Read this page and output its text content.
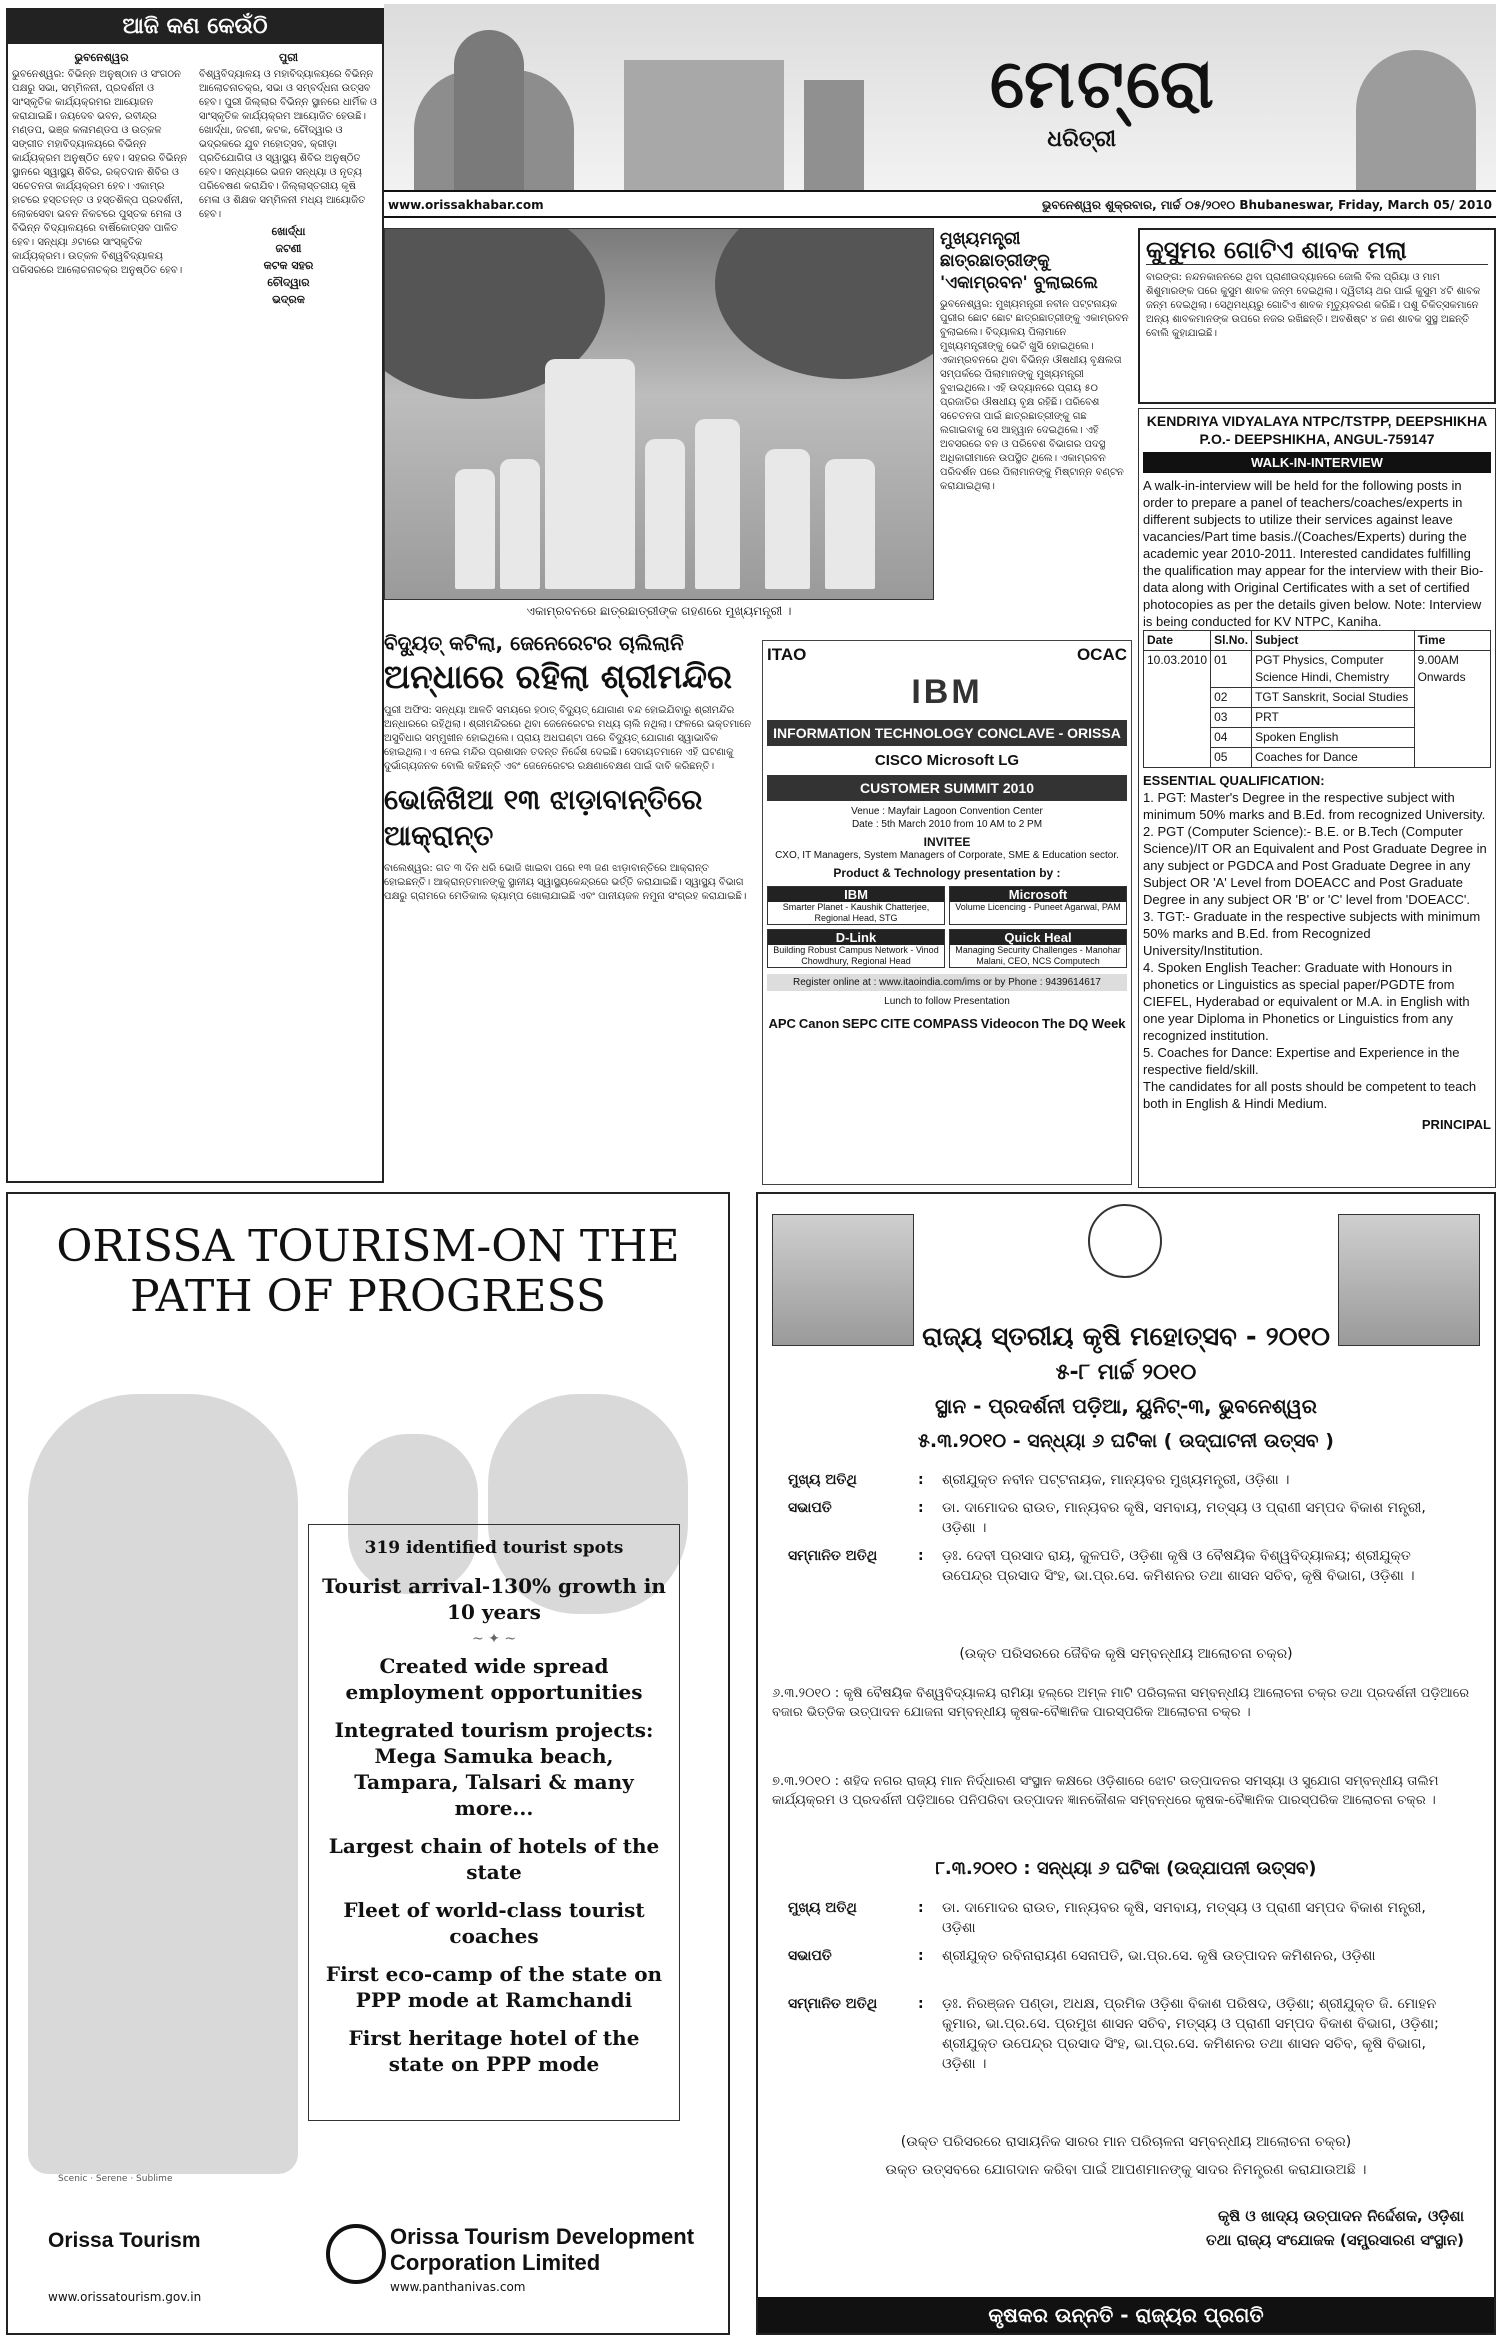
ଆଜି କଣ କେଉଁଠି
ଭୁବନେଶ୍ୱର
ଭୁବନେଶ୍ୱର: ବିଭିନ୍ନ ଅନୁଷ୍ଠାନ ଓ ସଂଗଠନ ପକ୍ଷରୁ ସଭା, ସମ୍ମିଳନୀ, ପ୍ରଦର୍ଶନୀ ଓ ସାଂସ୍କୃତିକ କାର୍ଯ୍ୟକ୍ରମର ଆୟୋଜନ କରାଯାଇଛି। ଜୟଦେବ ଭବନ, ରବୀନ୍ଦ୍ର ମଣ୍ଡପ, ଭଞ୍ଜ କଳାମଣ୍ଡପ ଓ ଉତ୍କଳ ସଙ୍ଗୀତ ମହାବିଦ୍ୟାଳୟରେ ବିଭିନ୍ନ କାର୍ଯ୍ୟକ୍ରମ ଅନୁଷ୍ଠିତ ହେବ। ସହରର ବିଭିନ୍ନ ସ୍ଥାନରେ ସ୍ୱାସ୍ଥ୍ୟ ଶିବିର, ରକ୍ତଦାନ ଶିବିର ଓ ସଚେତନତା କାର୍ଯ୍ୟକ୍ରମ ହେବ। ଏକାମ୍ର ହାଟରେ ହସ୍ତତନ୍ତ ଓ ହସ୍ତଶିଳ୍ପ ପ୍ରଦର୍ଶନୀ, ଲୋକସେବା ଭବନ ନିକଟରେ ପୁସ୍ତକ ମେଳା ଓ ବିଭିନ୍ନ ବିଦ୍ୟାଳୟରେ ବାର୍ଷିକୋତ୍ସବ ପାଳିତ ହେବ। ସନ୍ଧ୍ୟା ୬ଟାରେ ସାଂସ୍କୃତିକ କାର୍ଯ୍ୟକ୍ରମ। ଉତ୍କଳ ବିଶ୍ୱବିଦ୍ୟାଳୟ ପରିସରରେ ଆଲୋଚନାଚକ୍ର ଅନୁଷ୍ଠିତ ହେବ।
ପୁରୀ
ବିଶ୍ୱବିଦ୍ୟାଳୟ ଓ ମହାବିଦ୍ୟାଳୟରେ ବିଭିନ୍ନ ଆଲୋଚନାଚକ୍ର, ସଭା ଓ ସମ୍ବର୍ଦ୍ଧନା ଉତ୍ସବ ହେବ। ପୁରୀ ଜିଲ୍ଲାର ବିଭିନ୍ନ ସ୍ଥାନରେ ଧାର୍ମିକ ଓ ସାଂସ୍କୃତିକ କାର୍ଯ୍ୟକ୍ରମ ଆୟୋଜିତ ହେଉଛି। ଖୋର୍ଦ୍ଧା, ଜଟଣୀ, କଟକ, ଚୌଦ୍ୱାର ଓ ଭଦ୍ରକରେ ଯୁବ ମହୋତ୍ସବ, କ୍ରୀଡ଼ା ପ୍ରତିଯୋଗିତା ଓ ସ୍ୱାସ୍ଥ୍ୟ ଶିବିର ଅନୁଷ୍ଠିତ ହେବ। ସନ୍ଧ୍ୟାରେ ଭଜନ ସନ୍ଧ୍ୟା ଓ ନୃତ୍ୟ ପରିବେଷଣ କରାଯିବ। ଜିଲ୍ଲାସ୍ତରୀୟ କୃଷି ମେଳା ଓ ଶିକ୍ଷକ ସମ୍ମିଳନୀ ମଧ୍ୟ ଆୟୋଜିତ ହେବ।
ଖୋର୍ଦ୍ଧା
ଜଟଣୀ
କଟକ ସହର
ଚୌଦ୍ୱାର
ଭଦ୍ରକ
ମେଟ୍ରୋ
ଧରିତ୍ରୀ
www.orissakhabar.com	ଭୁବନେଶ୍ୱର ଶୁକ୍ରବାର, ମାର୍ଚ୍ଚ ୦୫/୨୦୧୦ Bhubaneswar, Friday, March 05/ 2010
ଏକାମ୍ରବନରେ ଛାତ୍ରଛାତ୍ରୀଙ୍କ ଗହଣରେ ମୁଖ୍ୟମନ୍ତ୍ରୀ ।
ମୁଖ୍ୟମନ୍ତ୍ରୀ ଛାତ୍ରଛାତ୍ରୀଙ୍କୁ 'ଏକାମ୍ରବନ' ବୁଲାଇଲେ
ଭୁବନେଶ୍ୱର: ମୁଖ୍ୟମନ୍ତ୍ରୀ ନବୀନ ପଟ୍ଟନାୟକ ପୁରୀର ଛୋଟ ଛୋଟ ଛାତ୍ରଛାତ୍ରୀଙ୍କୁ ଏକାମ୍ରବନ ବୁଲାଇଲେ। ବିଦ୍ୟାଳୟ ପିଲାମାନେ ମୁଖ୍ୟମନ୍ତ୍ରୀଙ୍କୁ ଭେଟି ଖୁସି ହୋଇଥିଲେ। ଏକାମ୍ରବନରେ ଥିବା ବିଭିନ୍ନ ଔଷଧୀୟ ବୃକ୍ଷଲତା ସମ୍ପର୍କରେ ପିଲାମାନଙ୍କୁ ମୁଖ୍ୟମନ୍ତ୍ରୀ ବୁଝାଇଥିଲେ। ଏହି ଉଦ୍ୟାନରେ ପ୍ରାୟ ୫୦ ପ୍ରଜାତିର ଔଷଧୀୟ ବୃକ୍ଷ ରହିଛି। ପରିବେଶ ସଚେତନତା ପାଇଁ ଛାତ୍ରଛାତ୍ରୀଙ୍କୁ ଗଛ ଲଗାଇବାକୁ ସେ ଆହ୍ୱାନ ଦେଇଥିଲେ। ଏହି ଅବସରରେ ବନ ଓ ପରିବେଶ ବିଭାଗର ପଦସ୍ଥ ଅଧିକାରୀମାନେ ଉପସ୍ଥିତ ଥିଲେ। ଏକାମ୍ରବନ ପରିଦର୍ଶନ ପରେ ପିଲାମାନଙ୍କୁ ମିଷ୍ଟାନ୍ନ ବଣ୍ଟନ କରାଯାଇଥିଲା।
କୁସୁମର ଗୋଟିଏ ଶାବକ ମଲା
ବାରଙ୍ଗ: ନନ୍ଦନକାନନରେ ଥିବା ପ୍ରାଣୀଉଦ୍ୟାନରେ ଜୋଲି ବିଲ ପ୍ରିୟା ଓ ମାମ ଶିଶୁମାରଙ୍କ ପରେ କୁସୁମ ଶାବକ ଜନ୍ମ ଦେଇଥିଲା। ଦ୍ୱିତୀୟ ଥର ପାଇଁ କୁସୁମ ୪ଟି ଶାବକ ଜନ୍ମ ଦେଇଥିଲା। ସେଥିମଧ୍ୟରୁ ଗୋଟିଏ ଶାବକ ମୃତ୍ୟୁବରଣ କରିଛି। ପଶୁ ଚିକିତ୍ସକମାନେ ଅନ୍ୟ ଶାବକମାନଙ୍କ ଉପରେ ନଜର ରଖିଛନ୍ତି। ଅବଶିଷ୍ଟ ୪ ଜଣ ଶାବକ ସୁସ୍ଥ ଅଛନ୍ତି ବୋଲି କୁହାଯାଇଛି।
KENDRIYA VIDYALAYA NTPC/TSTPP, DEEPSHIKHA
P.O.- DEEPSHIKHA, ANGUL-759147
WALK-IN-INTERVIEW
A walk-in-interview will be held for the following posts in order to prepare a panel of teachers/coaches/experts in different subjects to utilize their services against leave vacancies/Part time basis./(Coaches/Experts) during the academic year 2010-2011. Interested candidates fulfilling the qualification may appear for the interview with their Bio-data along with Original Certificates with a set of certified photocopies as per the details given below. Note: Interview is being conducted for KV NTPC, Kaniha.
Date	Sl.No.	Subject	Time
10.03.2010	01	PGT Physics, Computer Science Hindi, Chemistry	9.00AM Onwards
	02	TGT Sanskrit, Social Studies	
	03	PRT	
	04	Spoken English	
	05	Coaches for Dance	
ESSENTIAL QUALIFICATION:
1. PGT: Master's Degree in the respective subject with minimum 50% marks and B.Ed. from recognized University.
2. PGT (Computer Science):- B.E. or B.Tech (Computer Science)/IT OR an Equivalent and Post Graduate Degree in any subject or PGDCA and Post Graduate Degree in any Subject OR 'A' Level from DOEACC and Post Graduate Degree in any subject OR 'B' or 'C' level from 'DOEACC'.
3. TGT:- Graduate in the respective subjects with minimum 50% marks and B.Ed. from Recognized University/Institution.
4. Spoken English Teacher: Graduate with Honours in phonetics or Linguistics as special paper/PGDTE from CIEFEL, Hyderabad or equivalent or M.A. in English with one year Diploma in Phonetics or Linguistics from any recognized institution.
5. Coaches for Dance: Expertise and Experience in the respective field/skill.
The candidates for all posts should be competent to teach both in English & Hindi Medium.
PRINCIPAL
ବିଦ୍ୟୁତ୍ କଟିଲା, ଜେନେରେଟର ଚାଲିଲାନି
ଅନ୍ଧାରେ ରହିଲା ଶ୍ରୀମନ୍ଦିର
ପୁରୀ ଅଫିସ: ସନ୍ଧ୍ୟା ଆଳତି ସମୟରେ ହଠାତ୍ ବିଦ୍ୟୁତ୍ ଯୋଗାଣ ବନ୍ଦ ହୋଇଯିବାରୁ ଶ୍ରୀମନ୍ଦିର ଅନ୍ଧାରରେ ରହିଥିଲା। ଶ୍ରୀମନ୍ଦିରରେ ଥିବା ଜେନେରେଟର ମଧ୍ୟ ଚାଲି ନଥିଲା। ଫଳରେ ଭକ୍ତମାନେ ଅସୁବିଧାର ସମ୍ମୁଖୀନ ହୋଇଥିଲେ। ପ୍ରାୟ ଅଧଘଣ୍ଟା ପରେ ବିଦ୍ୟୁତ୍ ଯୋଗାଣ ସ୍ୱାଭାବିକ ହୋଇଥିଲା। ଏ ନେଇ ମନ୍ଦିର ପ୍ରଶାସନ ତଦନ୍ତ ନିର୍ଦ୍ଦେଶ ଦେଇଛି। ସେବାୟତମାନେ ଏହି ଘଟଣାକୁ ଦୁର୍ଭାଗ୍ୟଜନକ ବୋଲି କହିଛନ୍ତି ଏବଂ ଜେନେରେଟର ରକ୍ଷଣାବେକ୍ଷଣ ପାଇଁ ଦାବି କରିଛନ୍ତି।
ଭୋଜିଖିଆ ୧୩ ଝାଡ଼ାବାନ୍ତିରେ ଆକ୍ରାନ୍ତ
ବାଲେଶ୍ୱର: ଗତ ୩ ଦିନ ଧରି ଭୋଜି ଖାଇବା ପରେ ୧୩ ଜଣ ଝାଡ଼ାବାନ୍ତିରେ ଆକ୍ରାନ୍ତ ହୋଇଛନ୍ତି। ଆକ୍ରାନ୍ତମାନଙ୍କୁ ସ୍ଥାନୀୟ ସ୍ୱାସ୍ଥ୍ୟକେନ୍ଦ୍ରରେ ଭର୍ତ୍ତି କରାଯାଇଛି। ସ୍ୱାସ୍ଥ୍ୟ ବିଭାଗ ପକ୍ଷରୁ ଗ୍ରାମରେ ମେଡିକାଲ କ୍ୟାମ୍ପ ଖୋଲାଯାଇଛି ଏବଂ ପାନୀୟଜଳ ନମୁନା ସଂଗ୍ରହ କରାଯାଇଛି।
ITAO	OCAC
IBM
INFORMATION TECHNOLOGY CONCLAVE - ORISSA
CISCO Microsoft LG
CUSTOMER SUMMIT 2010
Venue : Mayfair Lagoon Convention Center
Date : 5th March 2010 from 10 AM to 2 PM
INVITEE
CXO, IT Managers, System Managers of Corporate, SME & Education sector.
Product & Technology presentation by :
IBM
Smarter Planet - Kaushik Chatterjee, Regional Head, STG
Microsoft
Volume Licencing - Puneet Agarwal, PAM
D-Link
Building Robust Campus Network - Vinod Chowdhury, Regional Head
Quick Heal
Managing Security Challenges - Manohar Malani, CEO, NCS Computech
Register online at : www.itaoindia.com/ims or by Phone : 9439614617
Lunch to follow Presentation
APC Canon SEPC CITE COMPASS Videocon The DQ Week
ORISSA TOURISM-ON THE
PATH OF PROGRESS
319 identified tourist spots
Tourist arrival-130% growth in 10 years
~ ✦ ~
Created wide spread employment opportunities
Integrated tourism projects: Mega Samuka beach, Tampara, Talsari & many more...
Largest chain of hotels of the state
Fleet of world-class tourist coaches
First eco-camp of the state on PPP mode at Ramchandi
First heritage hotel of the state on PPP mode
Scenic · Serene · Sublime
Orissa Tourism
www.orissatourism.gov.in
Orissa Tourism Development Corporation Limited
www.panthanivas.com
ରାଜ୍ୟ ସ୍ତରୀୟ କୃଷି ମହୋତ୍ସବ - ୨୦୧୦
୫-୮ ମାର୍ଚ୍ଚ ୨୦୧୦
ସ୍ଥାନ - ପ୍ରଦର୍ଶନୀ ପଡ଼ିଆ, ୟୁନିଟ୍-୩, ଭୁବନେଶ୍ୱର
୫.୩.୨୦୧୦ - ସନ୍ଧ୍ୟା ୬ ଘଟିକା ( ଉଦ୍‌ଘାଟନୀ ଉତ୍ସବ )
ମୁଖ୍ୟ ଅତିଥି	:	ଶ୍ରୀଯୁକ୍ତ ନବୀନ ପଟ୍ଟନାୟକ, ମାନ୍ୟବର ମୁଖ୍ୟମନ୍ତ୍ରୀ, ଓଡ଼ିଶା ।
ସଭାପତି	:	ଡା. ଦାମୋଦର ରାଉତ, ମାନ୍ୟବର କୃଷି, ସମବାୟ, ମତ୍ସ୍ୟ ଓ ପ୍ରାଣୀ ସମ୍ପଦ ବିକାଶ ମନ୍ତ୍ରୀ, ଓଡ଼ିଶା ।
ସମ୍ମାନିତ ଅତିଥି	:	ଡ଼ଃ. ଦେବୀ ପ୍ରସାଦ ରାୟ, କୁଳପତି, ଓଡ଼ିଶା କୃଷି ଓ ବୈଷୟିକ ବିଶ୍ୱବିଦ୍ୟାଳୟ; ଶ୍ରୀଯୁକ୍ତ ଉପେନ୍ଦ୍ର ପ୍ରସାଦ ସିଂହ, ଭା.ପ୍ର.ସେ. କମିଶନର ତଥା ଶାସନ ସଚିବ, କୃଷି ବିଭାଗ, ଓଡ଼ିଶା ।
(ଉକ୍ତ ପରିସରରେ ଜୈବିକ କୃଷି ସମ୍ବନ୍ଧୀୟ ଆଲୋଚନା ଚକ୍ର)
୬.୩.୨୦୧୦ : କୃଷି ବୈଷୟିକ ବିଶ୍ୱବିଦ୍ୟାଳୟ ରାମିୟା ହଲ୍‌ରେ ଅମ୍ଳ ମାଟି ପରିଚାଳନା ସମ୍ବନ୍ଧୀୟ ଆଲୋଚନା ଚକ୍ର ତଥା ପ୍ରଦର୍ଶନୀ ପଡ଼ିଆରେ ବଜାର ଭିତ୍ତିକ ଉତ୍ପାଦନ ଯୋଜନା ସମ୍ବନ୍ଧୀୟ କୃଷକ-ବୈଜ୍ଞାନିକ ପାରସ୍ପରିକ ଆଲୋଚନା ଚକ୍ର ।
୭.୩.୨୦୧୦ : ଶହିଦ ନଗର ରାଜ୍ୟ ମାନ ନିର୍ଦ୍ଧାରଣ ସଂସ୍ଥାନ କକ୍ଷରେ ଓଡ଼ିଶାରେ ଝୋଟ ଉତ୍ପାଦନର ସମସ୍ୟା ଓ ସୁଯୋଗ ସମ୍ବନ୍ଧୀୟ ତାଲିମ କାର୍ଯ୍ୟକ୍ରମ ଓ ପ୍ରଦର୍ଶନୀ ପଡ଼ିଆରେ ପନିପରିବା ଉତ୍ପାଦନ ଜ୍ଞାନକୌଶଳ ସମ୍ବନ୍ଧରେ କୃଷକ-ବୈଜ୍ଞାନିକ ପାରସ୍ପରିକ ଆଲୋଚନା ଚକ୍ର ।
୮.୩.୨୦୧୦ : ସନ୍ଧ୍ୟା ୬ ଘଟିକା (ଉଦ୍‌ଯାପନୀ ଉତ୍ସବ)
ମୁଖ୍ୟ ଅତିଥି	:	ଡା. ଦାମୋଦର ରାଉତ, ମାନ୍ୟବର କୃଷି, ସମବାୟ, ମତ୍ସ୍ୟ ଓ ପ୍ରାଣୀ ସମ୍ପଦ ବିକାଶ ମନ୍ତ୍ରୀ, ଓଡ଼ିଶା
ସଭାପତି	:	ଶ୍ରୀଯୁକ୍ତ ରବିନାରାୟଣ ସେନାପତି, ଭା.ପ୍ର.ସେ. କୃଷି ଉତ୍ପାଦନ କମିଶନର, ଓଡ଼ିଶା
ସମ୍ମାନିତ ଅତିଥି	:	ଡ଼ଃ. ନିରଞ୍ଜନ ପଣ୍ଡା, ଅଧକ୍ଷ, ପ୍ରମିକ ଓଡ଼ିଶା ବିକାଶ ପରିଷଦ, ଓଡ଼ିଶା; ଶ୍ରୀଯୁକ୍ତ ଜି. ମୋହନ କୁମାର, ଭା.ପ୍ର.ସେ. ପ୍ରମୁଖ ଶାସନ ସଚିବ, ମତ୍ସ୍ୟ ଓ ପ୍ରାଣୀ ସମ୍ପଦ ବିକାଶ ବିଭାଗ, ଓଡ଼ିଶା; ଶ୍ରୀଯୁକ୍ତ ଉପେନ୍ଦ୍ର ପ୍ରସାଦ ସିଂହ, ଭା.ପ୍ର.ସେ. କମିଶନର ତଥା ଶାସନ ସଚିବ, କୃଷି ବିଭାଗ, ଓଡ଼ିଶା ।
(ଉକ୍ତ ପରିସରରେ ରାସାୟନିକ ସାରର ମାନ ପରିଚାଳନା ସମ୍ବନ୍ଧୀୟ ଆଲୋଚନା ଚକ୍ର)
ଉକ୍ତ ଉତ୍ସବରେ ଯୋଗଦାନ କରିବା ପାଇଁ ଆପଣମାନଙ୍କୁ ସାଦର ନିମନ୍ତ୍ରଣ କରାଯାଉଅଛି ।
କୃଷି ଓ ଖାଦ୍ୟ ଉତ୍ପାଦନ ନିର୍ଦ୍ଦେଶକ, ଓଡ଼ିଶା
ତଥା ରାଜ୍ୟ ସଂଯୋଜକ (ସମ୍ପ୍ରସାରଣ ସଂସ୍ଥାନ)
କୃଷକର ଉନ୍ନତି - ରାଜ୍ୟର ପ୍ରଗତି
